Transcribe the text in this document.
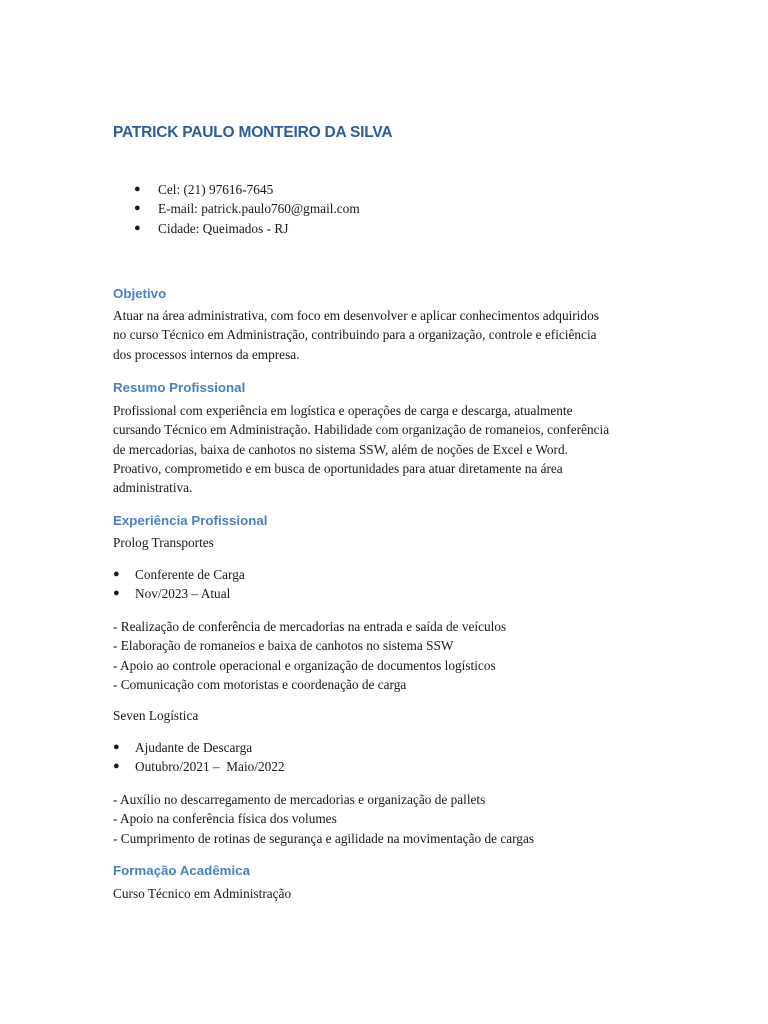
PATRICK PAULO MONTEIRO DA SILVA
● Cel: (21) 97616-7645
● E-mail: patrick.paulo760@gmail.com
● Cidade: Queimados - RJ
Objetivo

Atuar na área administrativa, com foco em desenvolver e aplicar conhecimentos adquiridos

no curso Técnico em Administração, contribuindo para a organização, controle e eficiência

dos processos internos da empresa.

Resumo Profissional

Profissional com experiência em logística e operações de carga e descarga, atualmente

cursando Técnico em Administração. Habilidade com organização de romaneios, conferência

de mercadorias, baixa de canhotos no sistema SSW, além de noções de Excel e Word.

Proativo, comprometido e em busca de oportunidades para atuar diretamente na área

administrativa.

Experiência Profissional

Prolog Transportes

● Conferente de Carga
● Nov/2023 – Atual

- Realização de conferência de mercadorias na entrada e saída de veículos

- Elaboração de romaneios e baixa de canhotos no sistema SSW

- Apoio ao controle operacional e organização de documentos logísticos

- Comunicação com motoristas e coordenação de carga

Seven Logística

● Ajudante de Descarga
● Outubro/2021 –  Maio/2022

- Auxílio no descarregamento de mercadorias e organização de pallets

- Apoio na conferência física dos volumes

- Cumprimento de rotinas de segurança e agilidade na movimentação de cargas

Formação Acadêmica

Curso Técnico em Administração
